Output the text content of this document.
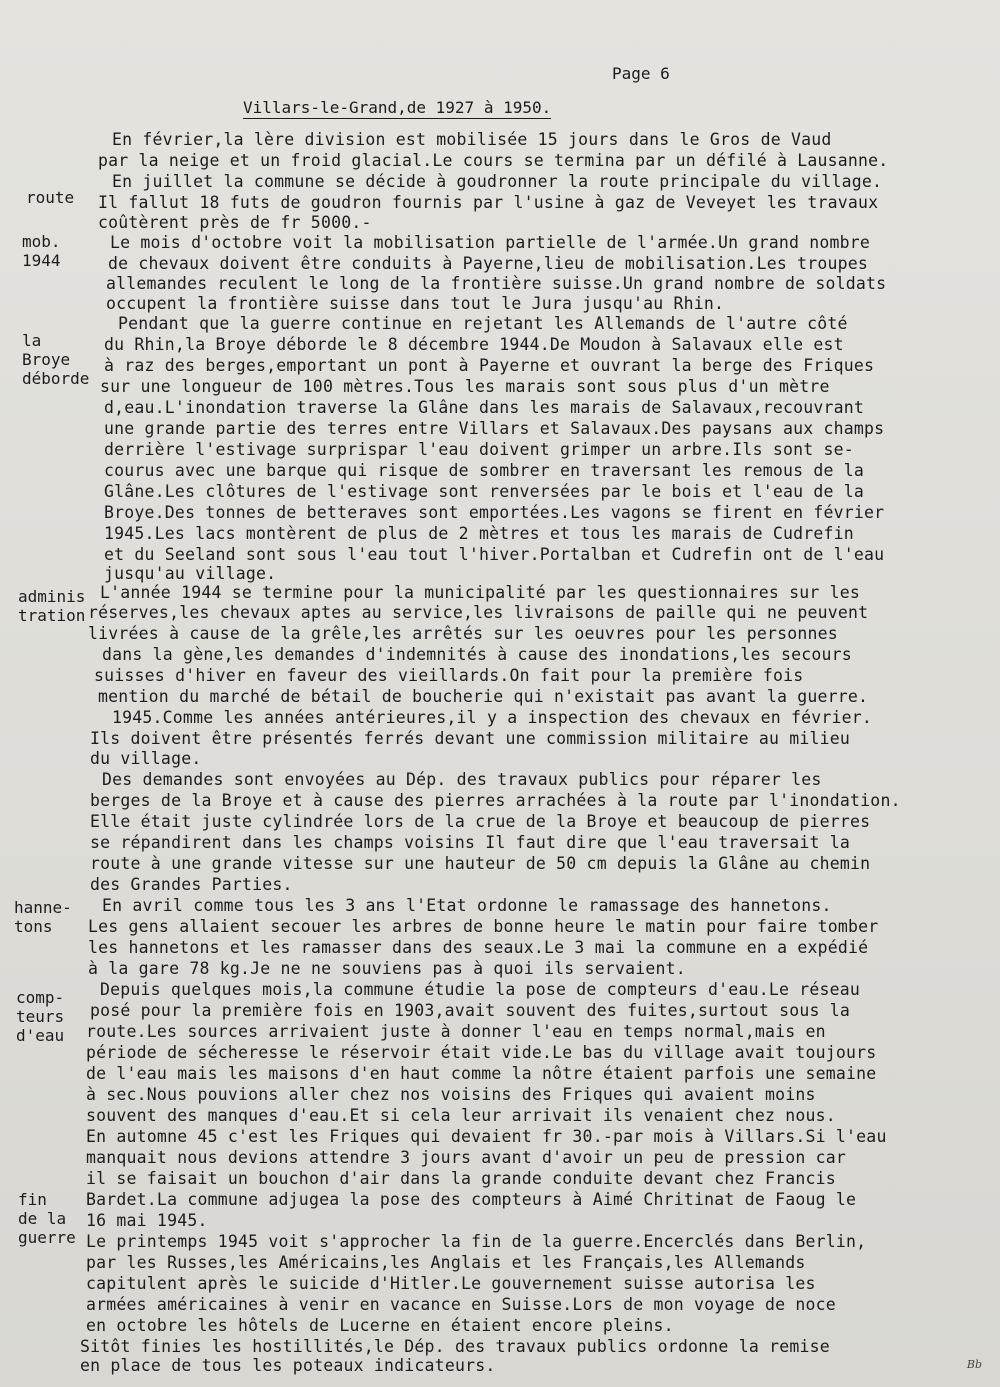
Page 6
Villars-le-Grand,de 1927 à 1950.
route
mob.
1944
la
Broye
déborde
adminis
tration
hanne-
tons
comp-
teurs
d'eau
fin
de la
guerre
En février,la lère division est mobilisée 15 jours dans le Gros de Vaud
par la neige et un froid glacial.Le cours se termina par un défilé à Lausanne.
En juillet la commune se décide à goudronner la route principale du village.
Il fallut 18 futs de goudron fournis par l'usine à gaz de Veveyet les travaux
coûtèrent près de fr 5000.-
Le mois d'octobre voit la mobilisation partielle de l'armée.Un grand nombre
de chevaux doivent être conduits à Payerne,lieu de mobilisation.Les troupes
allemandes reculent le long de la frontière suisse.Un grand nombre de soldats
occupent la frontière suisse dans tout le Jura jusqu'au Rhin.
Pendant que la guerre continue en rejetant les Allemands de l'autre côté
du Rhin,la Broye déborde le 8 décembre 1944.De Moudon à Salavaux elle est
à raz des berges,emportant un pont à Payerne et ouvrant la berge des Friques
sur une longueur de 100 mètres.Tous les marais sont sous plus d'un mètre
d,eau.L'inondation traverse la Glâne dans les marais de Salavaux,recouvrant
une grande partie des terres entre Villars et Salavaux.Des paysans aux champs
derrière l'estivage surprispar l'eau doivent grimper un arbre.Ils sont se-
courus avec une barque qui risque de sombrer en traversant les remous de la
Glâne.Les clôtures de l'estivage sont renversées par le bois et l'eau de la
Broye.Des tonnes de betteraves sont emportées.Les vagons se firent en février
1945.Les lacs montèrent de plus de 2 mètres et tous les marais de Cudrefin
et du Seeland sont sous l'eau tout l'hiver.Portalban et Cudrefin ont de l'eau
jusqu'au village.
L'année 1944 se termine pour la municipalité par les questionnaires sur les
réserves,les chevaux aptes au service,les livraisons de paille qui ne peuvent
livrées à cause de la grêle,les arrêtés sur les oeuvres pour les personnes
dans la gène,les demandes d'indemnités à cause des inondations,les secours
suisses d'hiver en faveur des vieillards.On fait pour la première fois
mention du marché de bétail de boucherie qui n'existait pas avant la guerre.
1945.Comme les années antérieures,il y a inspection des chevaux en février.
Ils doivent être présentés ferrés devant une commission militaire au milieu
du village.
Des demandes sont envoyées au Dép. des travaux publics pour réparer les
berges de la Broye et à cause des pierres arrachées à la route par l'inondation.
Elle était juste cylindrée lors de la crue de la Broye et beaucoup de pierres
se répandirent dans les champs voisins Il faut dire que l'eau traversait la
route à une grande vitesse sur une hauteur de 50 cm depuis la Glâne au chemin
des Grandes Parties.
En avril comme tous les 3 ans l'Etat ordonne le ramassage des hannetons.
Les gens allaient secouer les arbres de bonne heure le matin pour faire tomber
les hannetons et les ramasser dans des seaux.Le 3 mai la commune en a expédié
à la gare 78 kg.Je ne ne souviens pas à quoi ils servaient.
Depuis quelques mois,la commune étudie la pose de compteurs d'eau.Le réseau
posé pour la première fois en 1903,avait souvent des fuites,surtout sous la
route.Les sources arrivaient juste à donner l'eau en temps normal,mais en
période de sécheresse le réservoir était vide.Le bas du village avait toujours
de l'eau mais les maisons d'en haut comme la nôtre étaient parfois une semaine
à sec.Nous pouvions aller chez nos voisins des Friques qui avaient moins
souvent des manques d'eau.Et si cela leur arrivait ils venaient chez nous.
En automne 45 c'est les Friques qui devaient fr 30.-par mois à Villars.Si l'eau
manquait nous devions attendre 3 jours avant d'avoir un peu de pression car
il se faisait un bouchon d'air dans la grande conduite devant chez Francis
Bardet.La commune adjugea la pose des compteurs à Aimé Chritinat de Faoug le
16 mai 1945.
Le printemps 1945 voit s'approcher la fin de la guerre.Encerclés dans Berlin,
par les Russes,les Américains,les Anglais et les Français,les Allemands
capitulent après le suicide d'Hitler.Le gouvernement suisse autorisa les
armées américaines à venir en vacance en Suisse.Lors de mon voyage de noce
en octobre les hôtels de Lucerne en étaient encore pleins.
Sitôt finies les hostillités,le Dép. des travaux publics ordonne la remise
en place de tous les poteaux indicateurs.	Bb
